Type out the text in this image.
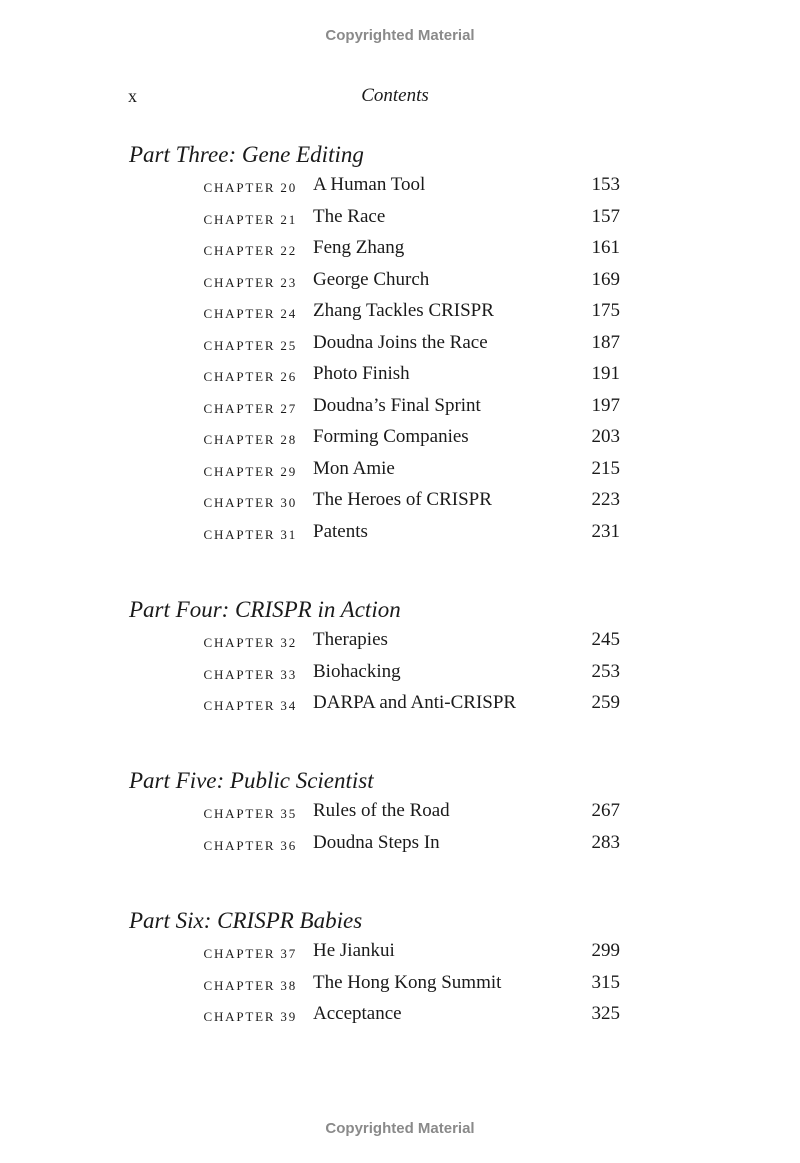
Copyrighted Material
x	Contents
Part Three: Gene Editing
CHAPTER 20 A Human Tool	153
CHAPTER 21 The Race	157
CHAPTER 22 Feng Zhang	161
CHAPTER 23 George Church	169
CHAPTER 24 Zhang Tackles CRISPR	175
CHAPTER 25 Doudna Joins the Race	187
CHAPTER 26 Photo Finish	191
CHAPTER 27 Doudna’s Final Sprint	197
CHAPTER 28 Forming Companies	203
CHAPTER 29 Mon Amie	215
CHAPTER 30 The Heroes of CRISPR	223
CHAPTER 31 Patents	231
Part Four: CRISPR in Action
CHAPTER 32 Therapies	245
CHAPTER 33 Biohacking	253
CHAPTER 34 DARPA and Anti-CRISPR	259
Part Five: Public Scientist
CHAPTER 35 Rules of the Road	267
CHAPTER 36 Doudna Steps In	283
Part Six: CRISPR Babies
CHAPTER 37 He Jiankui	299
CHAPTER 38 The Hong Kong Summit	315
CHAPTER 39 Acceptance	325
Copyrighted Material
